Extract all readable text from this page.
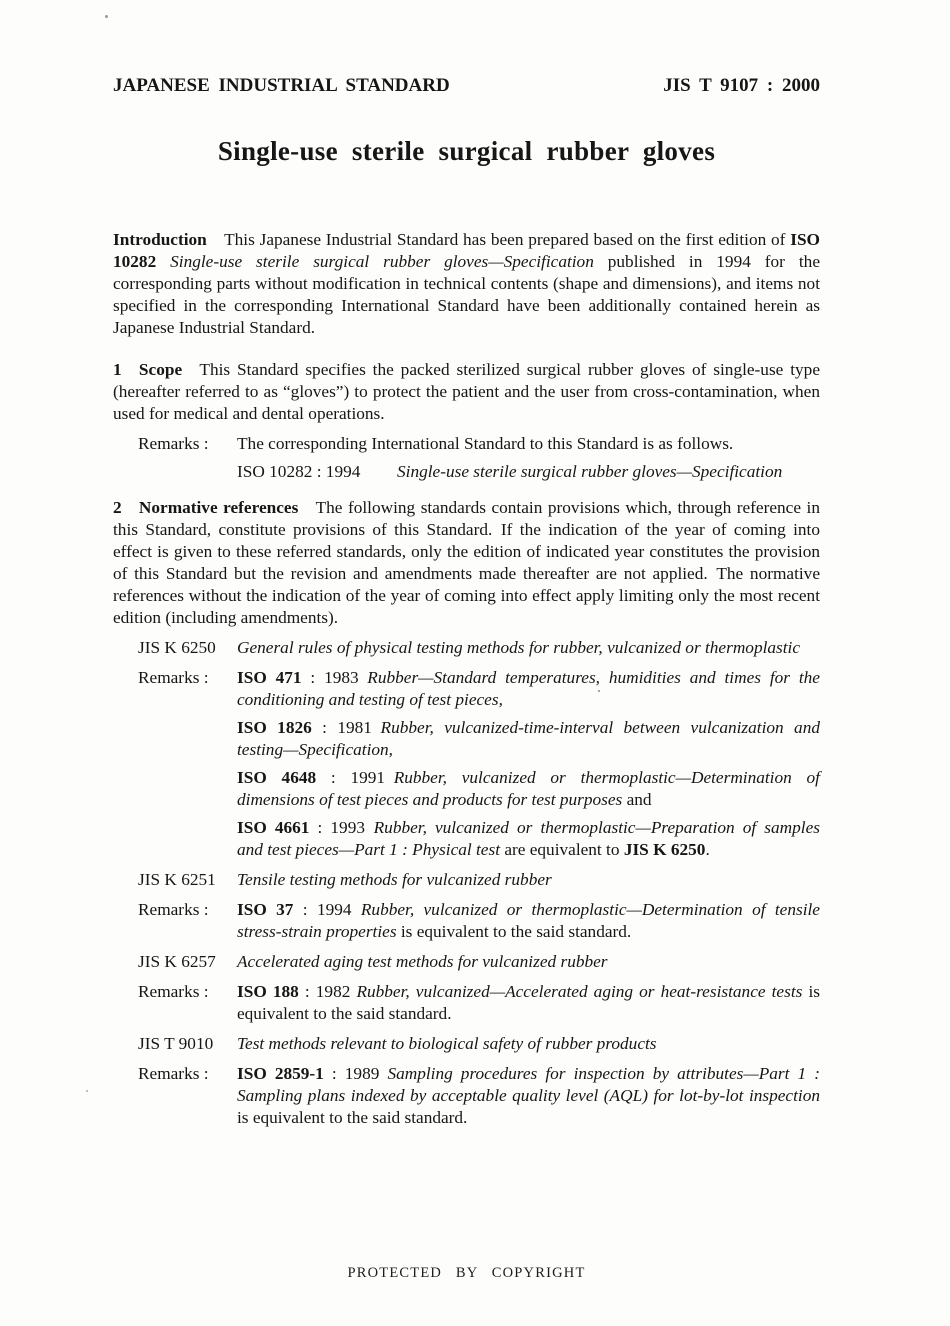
JAPANESE INDUSTRIAL STANDARD	JIS T 9107 : 2000
Single-use sterile surgical rubber gloves

Introduction  This Japanese Industrial Standard has been prepared based on the first edition of ISO 10282 Single-use sterile surgical rubber gloves—Specification published in 1994 for the corresponding parts without modification in technical contents (shape and dimensions), and items not specified in the corresponding International Standard have been additionally contained herein as Japanese Industrial Standard.

1  Scope  This Standard specifies the packed sterilized surgical rubber gloves of single-use type (hereafter referred to as “gloves”) to protect the patient and the user from cross-contamination, when used for medical and dental operations.

Remarks :	The corresponding International Standard to this Standard is as follows.

ISO 10282 : 1994	Single-use sterile surgical rubber gloves—Specification

2  Normative references  The following standards contain provisions which, through reference in this Standard, constitute provisions of this Standard. If the indication of the year of coming into effect is given to these referred standards, only the edition of indicated year constitutes the provision of this Standard but the revision and amendments made thereafter are not applied. The normative references without the indication of the year of coming into effect apply limiting only the most recent edition (including amendments).

JIS K 6250	General rules of physical testing methods for rubber, vulcanized or thermoplastic

Remarks :	ISO 471 : 1983 Rubber—Standard temperatures, humidities and times for the conditioning and testing of test pieces,

ISO 1826 : 1981 Rubber, vulcanized-time-interval between vulcanization and testing—Specification,

ISO 4648 : 1991 Rubber, vulcanized or thermoplastic—Determination of dimensions of test pieces and products for test purposes and

ISO 4661 : 1993 Rubber, vulcanized or thermoplastic—Preparation of samples and test pieces—Part 1 : Physical test are equivalent to JIS K 6250.

JIS K 6251	Tensile testing methods for vulcanized rubber

Remarks :	ISO 37 : 1994 Rubber, vulcanized or thermoplastic—Determination of tensile stress-strain properties is equivalent to the said standard.

JIS K 6257	Accelerated aging test methods for vulcanized rubber

Remarks :	ISO 188 : 1982 Rubber, vulcanized—Accelerated aging or heat-resistance tests is equivalent to the said standard.

JIS T 9010	Test methods relevant to biological safety of rubber products

Remarks :	ISO 2859-1 : 1989 Sampling procedures for inspection by attributes—Part 1 : Sampling plans indexed by acceptable quality level (AQL) for lot-by-lot inspection is equivalent to the said standard.

PROTECTED BY COPYRIGHT
